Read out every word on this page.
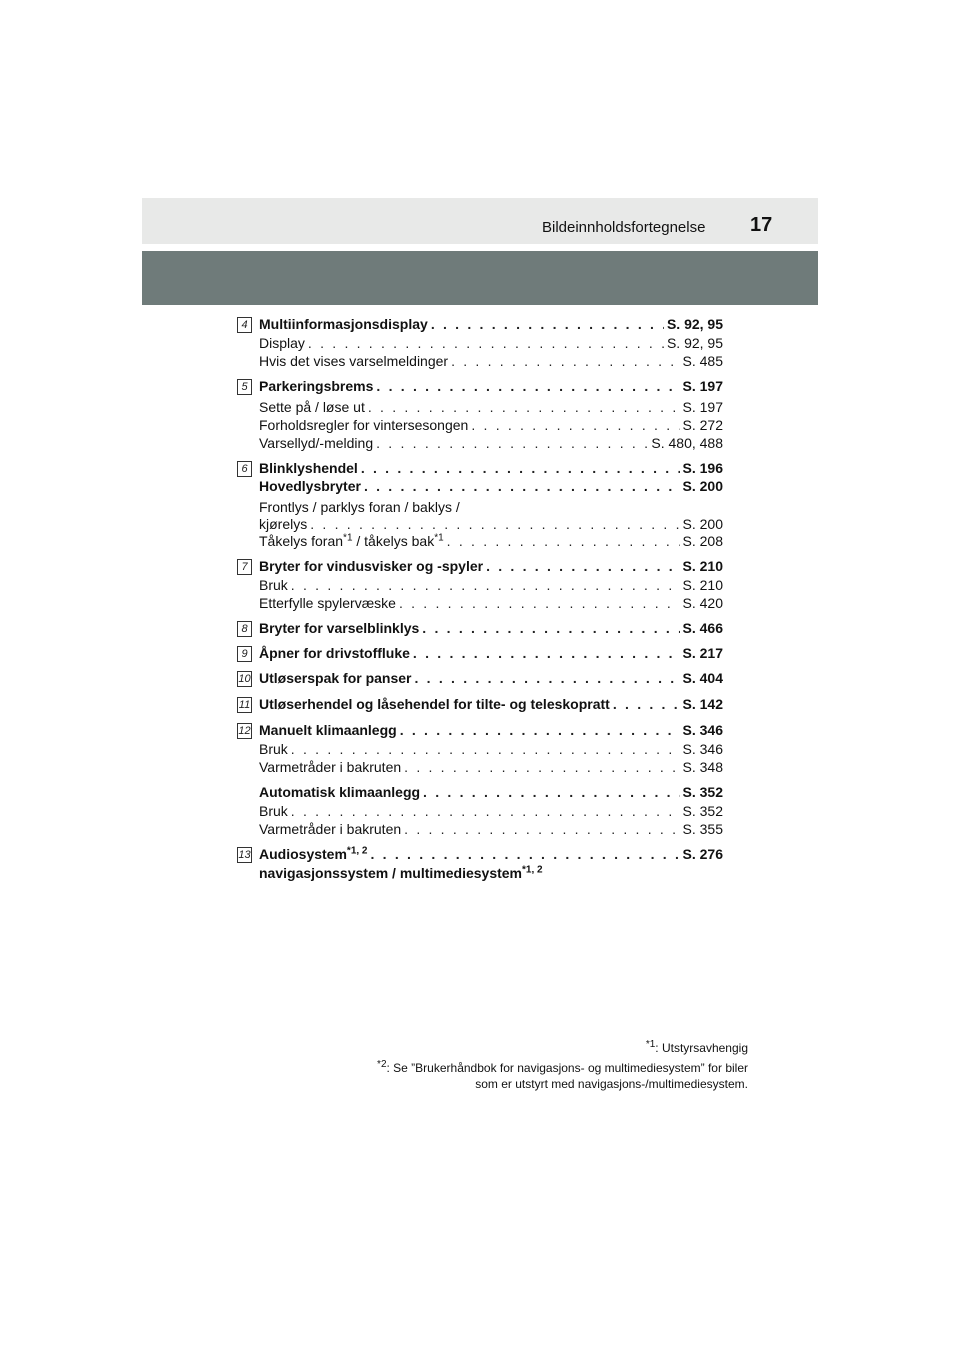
Bildeinnholdsfortegnelse 17
4 Multiinformasjonsdisplay . . .	S. 92, 95
Display . . .	S. 92, 95
Hvis det vises varselmeldinger . . .	S. 485
5 Parkeringsbrems . . .	S. 197
Sette på / løse ut . . .	S. 197
Forholdsregler for vintersesongen . . .	S. 272
Varsellyd/-melding . . .	S. 480, 488
6 Blinklyshendel . . .	S. 196
Hovedlysbryter . . .	S. 200
Frontlys / parklys foran / baklys /
kjørelys . . .	S. 200
Tåkelys foran$^{*1}$ / tåkelys bak$^{*1}$ . . .	S. 208
7 Bryter for vindusvisker og -spyler . . .	S. 210
Bruk . . .	S. 210
Etterfylle spylervæske . . .	S. 420
8 Bryter for varselblinklys . . .	S. 466
9 Åpner for drivstoffluke . . .	S. 217
10 Utløserspak for panser . . .	S. 404
11 Utløserhendel og låsehendel for tilte- og teleskopratt . . .	S. 142
12 Manuelt klimaanlegg . . .	S. 346
Bruk . . .	S. 346
Varmetråder i bakruten . . .	S. 348
Automatisk klimaanlegg . . .	S. 352
Bruk . . .	S. 352
Varmetråder i bakruten . . .	S. 355
13 Audiosystem$^{*1, 2}$ . . .	S. 276
navigasjonssystem / multimediesystem$^{*1, 2}$
$^{*1}$: Utstyrsavhengig
$^{*2}$: Se ”Brukerhåndbok for navigasjons- og multimediesystem” for biler
som er utstyrt med navigasjons-/multimediesystem.
